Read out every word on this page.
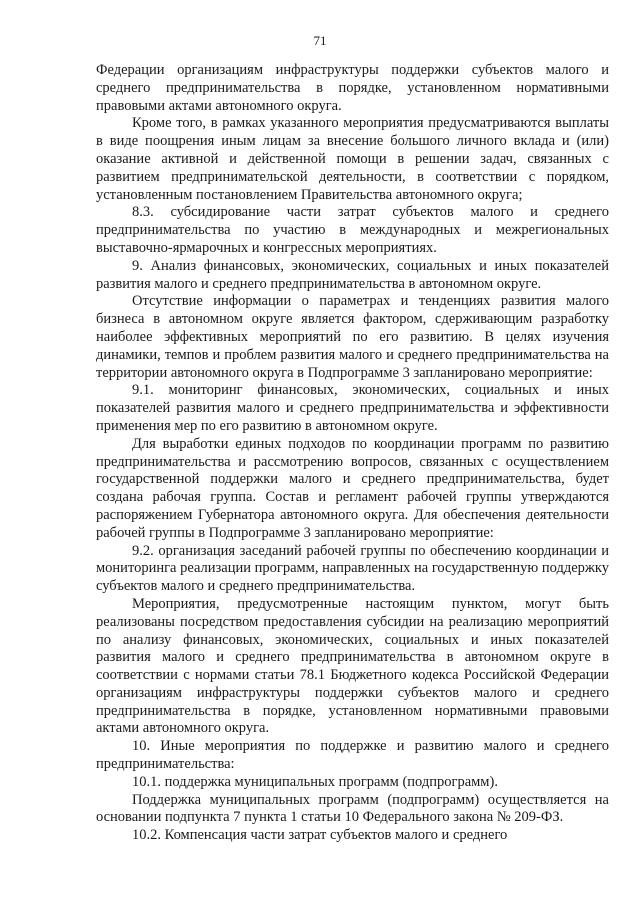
71

Федерации организациям инфраструктуры поддержки субъектов малого и среднего предпринимательства в порядке, установленном нормативными правовыми актами автономного округа.

Кроме того, в рамках указанного мероприятия предусматриваются выплаты в виде поощрения иным лицам за внесение большого личного вклада и (или) оказание активной и действенной помощи в решении задач, связанных с развитием предпринимательской деятельности, в соответствии с порядком, установленным постановлением Правительства автономного округа;

8.3. субсидирование части затрат субъектов малого и среднего предпринимательства по участию в международных и межрегиональных выставочно-ярмарочных и конгрессных мероприятиях.

9. Анализ финансовых, экономических, социальных и иных показателей развития малого и среднего предпринимательства в автономном округе.

Отсутствие информации о параметрах и тенденциях развития малого бизнеса в автономном округе является фактором, сдерживающим разработку наиболее эффективных мероприятий по его развитию. В целях изучения динамики, темпов и проблем развития малого и среднего предпринимательства на территории автономного округа в Подпрограмме 3 запланировано мероприятие:

9.1. мониторинг финансовых, экономических, социальных и иных показателей развития малого и среднего предпринимательства и эффективности применения мер по его развитию в автономном округе.

Для выработки единых подходов по координации программ по развитию предпринимательства и рассмотрению вопросов, связанных с осуществлением государственной поддержки малого и среднего предпринимательства, будет создана рабочая группа. Состав и регламент рабочей группы утверждаются распоряжением Губернатора автономного округа. Для обеспечения деятельности рабочей группы в Подпрограмме 3 запланировано мероприятие:

9.2. организация заседаний рабочей группы по обеспечению координации и мониторинга реализации программ, направленных на государственную поддержку субъектов малого и среднего предпринимательства.

Мероприятия, предусмотренные настоящим пунктом, могут быть реализованы посредством предоставления субсидии на реализацию мероприятий по анализу финансовых, экономических, социальных и иных показателей развития малого и среднего предпринимательства в автономном округе в соответствии с нормами статьи 78.1 Бюджетного кодекса Российской Федерации организациям инфраструктуры поддержки субъектов малого и среднего предпринимательства в порядке, установленном нормативными правовыми актами автономного округа.

10. Иные мероприятия по поддержке и развитию малого и среднего предпринимательства:

10.1. поддержка муниципальных программ (подпрограмм).

Поддержка муниципальных программ (подпрограмм) осуществляется на основании подпункта 7 пункта 1 статьи 10 Федерального закона № 209-ФЗ.

10.2. Компенсация части затрат субъектов малого и среднего
